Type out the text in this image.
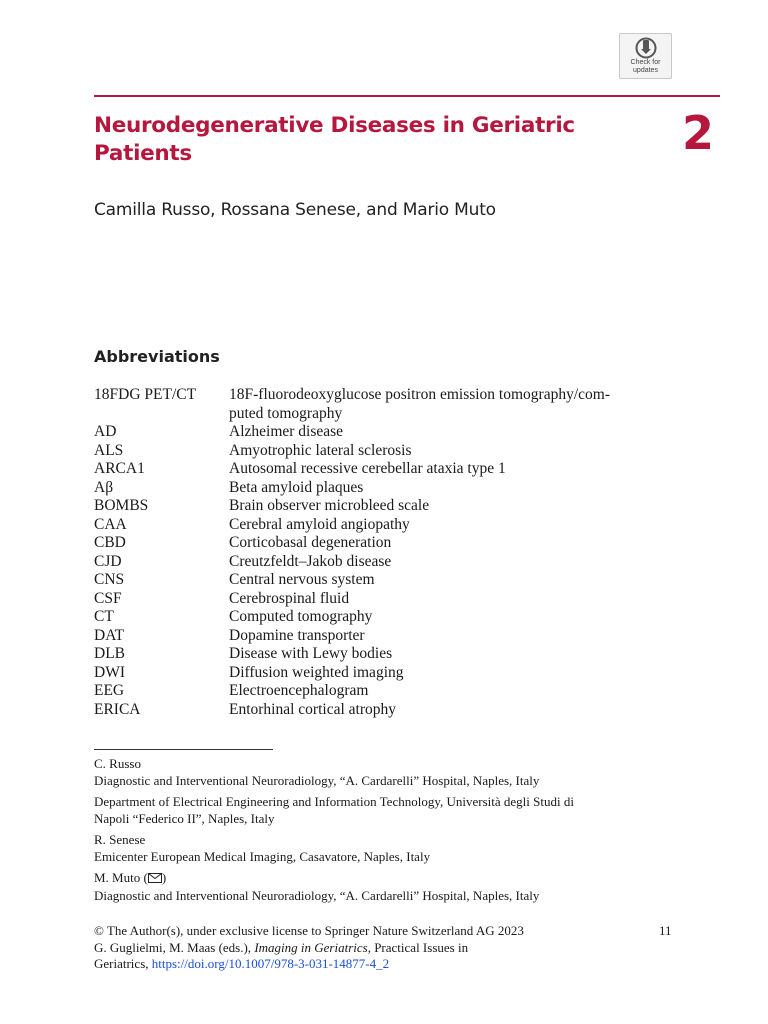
Check for
updates
Neurodegenerative Diseases in Geriatric Patients	2
Camilla Russo, Rossana Senese, and Mario Muto
Abbreviations
18FDG PET/CT	18F-fluorodeoxyglucose positron emission tomography/com-
puted tomography
AD	Alzheimer disease
ALS	Amyotrophic lateral sclerosis
ARCA1	Autosomal recessive cerebellar ataxia type 1
Aβ	Beta amyloid plaques
BOMBS	Brain observer microbleed scale
CAA	Cerebral amyloid angiopathy
CBD	Corticobasal degeneration
CJD	Creutzfeldt–Jakob disease
CNS	Central nervous system
CSF	Cerebrospinal fluid
CT	Computed tomography
DAT	Dopamine transporter
DLB	Disease with Lewy bodies
DWI	Diffusion weighted imaging
EEG	Electroencephalogram
ERICA	Entorhinal cortical atrophy

C. Russo
Diagnostic and Interventional Neuroradiology, “A. Cardarelli” Hospital, Naples, Italy

Department of Electrical Engineering and Information Technology, Università degli Studi di
Napoli “Federico II”, Naples, Italy

R. Senese
Emicenter European Medical Imaging, Casavatore, Naples, Italy

M. Muto ( )
Diagnostic and Interventional Neuroradiology, “A. Cardarelli” Hospital, Naples, Italy

© The Author(s), under exclusive license to Springer Nature Switzerland AG 2023
G. Guglielmi, M. Maas (eds.), Imaging in Geriatrics, Practical Issues in
Geriatrics, https://doi.org/10.1007/978-3-031-14877-4_2
11
